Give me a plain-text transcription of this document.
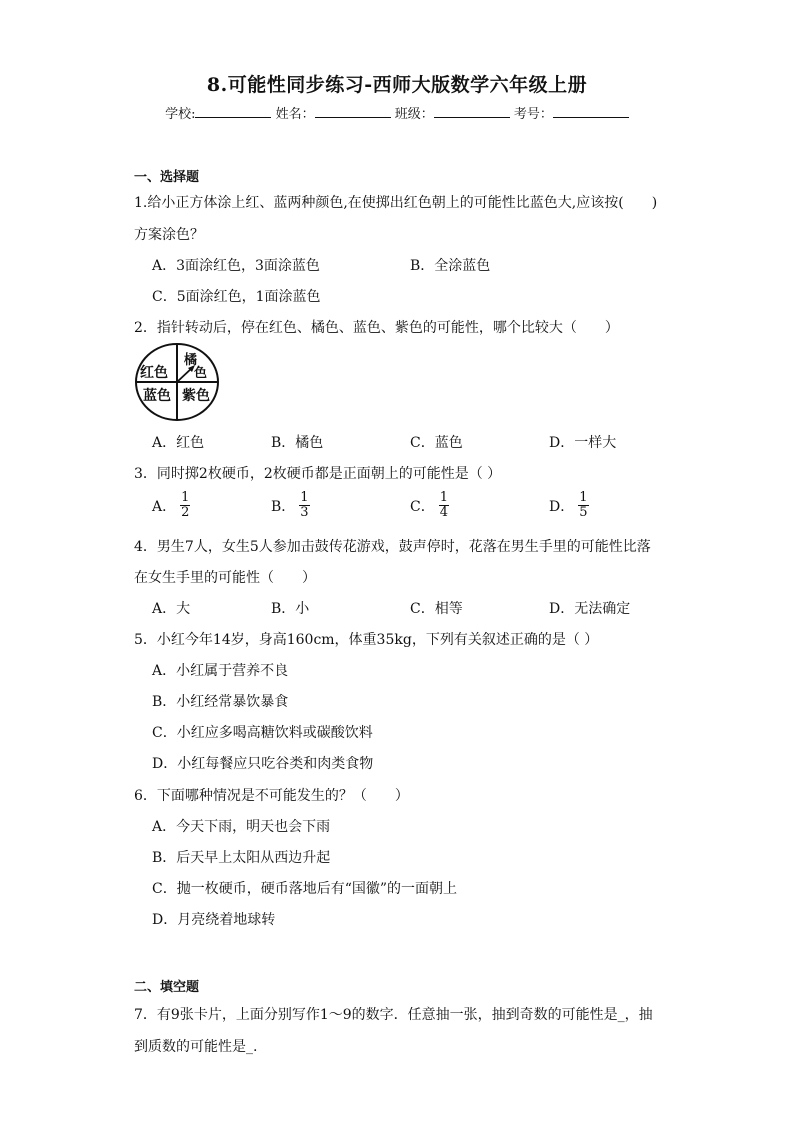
8.可能性同步练习-西师大版数学六年级上册
学校:	姓名：	班级：	考号：
一、选择题
1.给小正方体涂上红、蓝两种颜色,在使掷出红色朝上的可能性比蓝色大,应该按(　　)
方案涂色？
A．3面涂红色，3面涂蓝色	B．全涂蓝色
C．5面涂红色，1面涂蓝色
2．指针转动后，停在红色、橘色、蓝色、紫色的可能性，哪个比较大（　　）
红色
橘
色
蓝色 紫色
A．红色	B．橘色	C．蓝色	D．一样大
3．同时掷2枚硬币，2枚硬币都是正面朝上的可能性是（ ）
A． $\frac{1}{2}$	B． $\frac{1}{3}$	C． $\frac{1}{4}$	D． $\frac{1}{5}$
4．男生7人，女生5人参加击鼓传花游戏，鼓声停时，花落在男生手里的可能性比落
在女生手里的可能性（　　）
A．大	B．小	C．相等	D．无法确定
5．小红今年14岁，身高160cm，体重35kg，下列有关叙述正确的是（ ）
A．小红属于营养不良
B．小红经常暴饮暴食
C．小红应多喝高糖饮料或碳酸饮料
D．小红每餐应只吃谷类和肉类食物
6．下面哪种情况是不可能发生的？（　　）
A．今天下雨，明天也会下雨
B．后天早上太阳从西边升起
C．抛一枚硬币，硬币落地后有“国徽”的一面朝上
D．月亮绕着地球转
二、填空题
7．有9张卡片，上面分别写作1～9的数字．任意抽一张，抽到奇数的可能性是_，抽
到质数的可能性是_.
